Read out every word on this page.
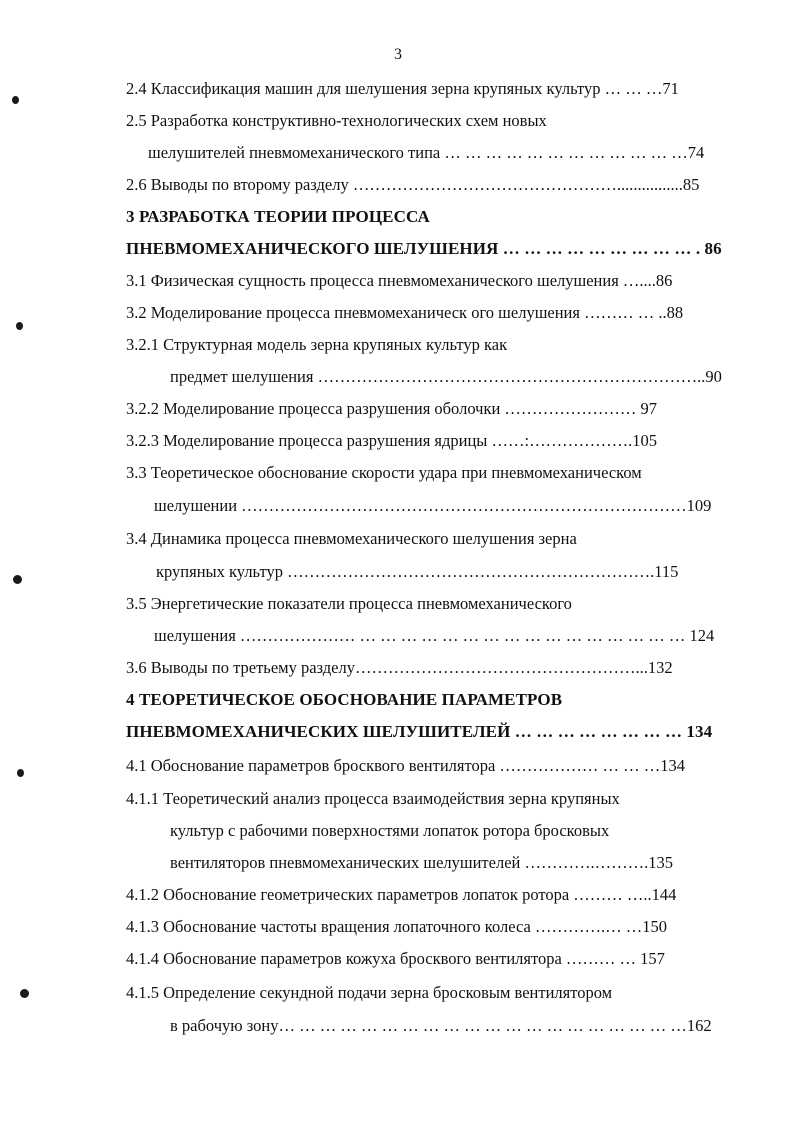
3
2.4 Классификация машин для шелушения зерна крупяных культур … … …71
2.5 Разработка конструктивно-технологических схем новых
шелушителей пневмомеханического типа … … … … … … … … … … … …74
2.6 Выводы по второму разделу …………………………………………................85
3 РАЗРАБОТКА ТЕОРИИ ПРОЦЕССА
ПНЕВМОМЕХАНИЧЕСКОГО ШЕЛУШЕНИЯ … … … … … … … … … . 86
3.1 Физическая сущность процесса пневмомеханического шелушения …....86
3.2 Моделирование процесса пневмомеханическ ого шелушения ……… … ..88
3.2.1 Структурная модель зерна крупяных культур как
предмет шелушения ……………………………………………………………..90
3.2.2 Моделирование процесса разрушения оболочки …………………… 97
3.2.3 Моделирование процесса разрушения ядрицы ……:……………….105
3.3 Теоретическое обоснование скорости удара при пневмомеханическом
шелушении ………………………………………………………………………109
3.4 Динамика процесса пневмомеханического шелушения зерна
крупяных культур ………………………………………………………….115
3.5 Энергетические показатели процесса пневмомеханического
шелушения ………………… … … … … … … … … … … … … … … … … 124
3.6 Выводы по третьему разделу……………………………………………...132
4 ТЕОРЕТИЧЕСКОЕ ОБОСНОВАНИЕ ПАРАМЕТРОВ
ПНЕВМОМЕХАНИЧЕСКИХ ШЕЛУШИТЕЛЕЙ … … … … … … … … 134
4.1 Обоснование параметров бросквого вентилятора ……………… … … …134
4.1.1 Теоретический анализ процесса взаимодействия зерна крупяных
культур с рабочими поверхностями лопаток ротора бросковых
вентиляторов пневмомеханических шелушителей ………….……….135
4.1.2 Обоснование геометрических параметров лопаток ротора ……… …..144
4.1.3 Обоснование частоты вращения лопаточного колеса ………….… …150
4.1.4 Обоснование параметров кожуха бросквого вентилятора ……… … 157
4.1.5 Определение секундной подачи зерна бросковым вентилятором
в рабочую зону… … … … … … … … … … … … … … … … … … … …162
